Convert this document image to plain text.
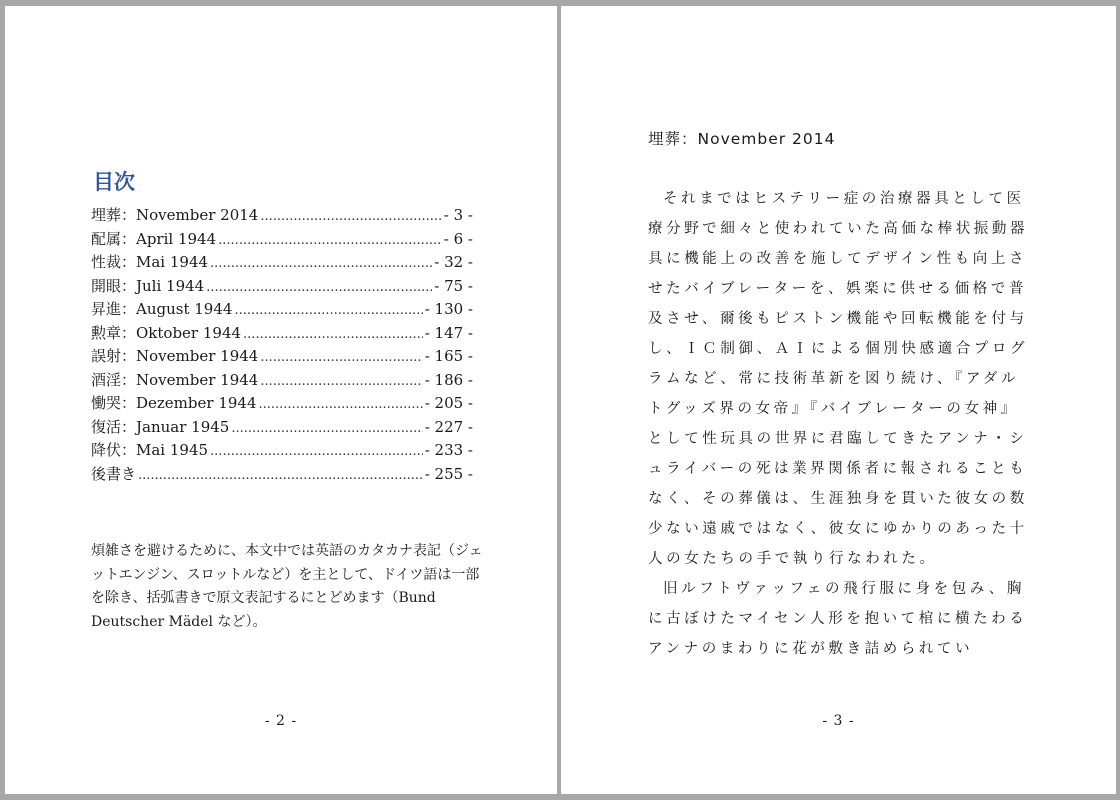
目次
埋葬：November 2014 .....	- 3 -
配属：April 1944 .....	- 6 -
性裁：Mai 1944 .....	- 32 -
開眼：Juli 1944 .....	- 75 -
昇進：August 1944 .....	- 130 -
勲章：Oktober 1944 .....	- 147 -
誤射：November 1944 .....	- 165 -
酒淫：November 1944 .....	- 186 -
慟哭：Dezember 1944 .....	- 205 -
復活：Januar 1945 .....	- 227 -
降伏：Mai 1945 .....	- 233 -
後書き .....	- 255 -

煩雑さを避けるために、本文中では英語のカタカナ表記（ジェットエンジン、スロットルなど）を主として、ドイツ語は一部を除き、括弧書きで原文表記するにとどめます（Bund Deutscher Mädel など）。

- 2 -
埋葬：November 2014

それまではヒステリー症の治療器具として医療分野で細々と使われていた高価な棒状振動器具に機能上の改善を施してデザイン性も向上させたバイブレーターを、娯楽に供せる価格で普及させ、爾後もピストン機能や回転機能を付与し、ＩＣ制御、ＡＩによる個別快感適合プログラムなど、常に技術革新を図り続け、『アダルトグッズ界の女帝』『バイブレーターの女神』として性玩具の世界に君臨してきたアンナ・シュライバーの死は業界関係者に報されることもなく、その葬儀は、生涯独身を貫いた彼女の数少ない遠戚ではなく、彼女にゆかりのあった十人の女たちの手で執り行なわれた。

旧ルフトヴァッフェの飛行服に身を包み、胸に古ぼけたマイセン人形を抱いて棺に横たわるアンナのまわりに花が敷き詰められてい

- 3 -
